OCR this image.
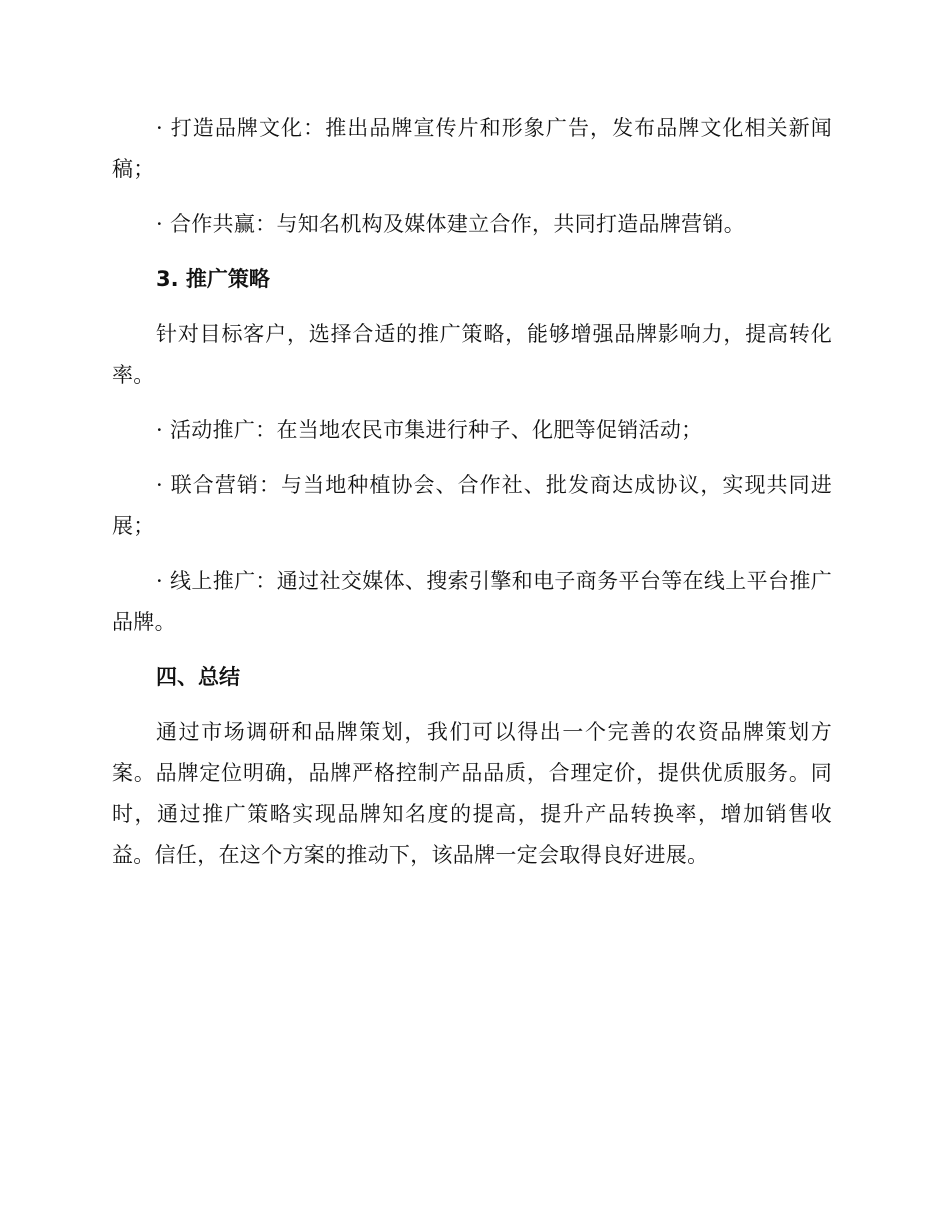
· 打造品牌文化：推出品牌宣传片和形象广告，发布品牌文化相关新闻稿；

· 合作共赢：与知名机构及媒体建立合作，共同打造品牌营销。

3. 推广策略

针对目标客户，选择合适的推广策略，能够增强品牌影响力，提高转化率。

· 活动推广：在当地农民市集进行种子、化肥等促销活动；

· 联合营销：与当地种植协会、合作社、批发商达成协议，实现共同进展；

· 线上推广：通过社交媒体、搜索引擎和电子商务平台等在线上平台推广品牌。

四、总结

通过市场调研和品牌策划，我们可以得出一个完善的农资品牌策划方案。品牌定位明确，品牌严格控制产品品质，合理定价，提供优质服务。同时，通过推广策略实现品牌知名度的提高，提升产品转换率，增加销售收益。信任，在这个方案的推动下，该品牌一定会取得良好进展。
